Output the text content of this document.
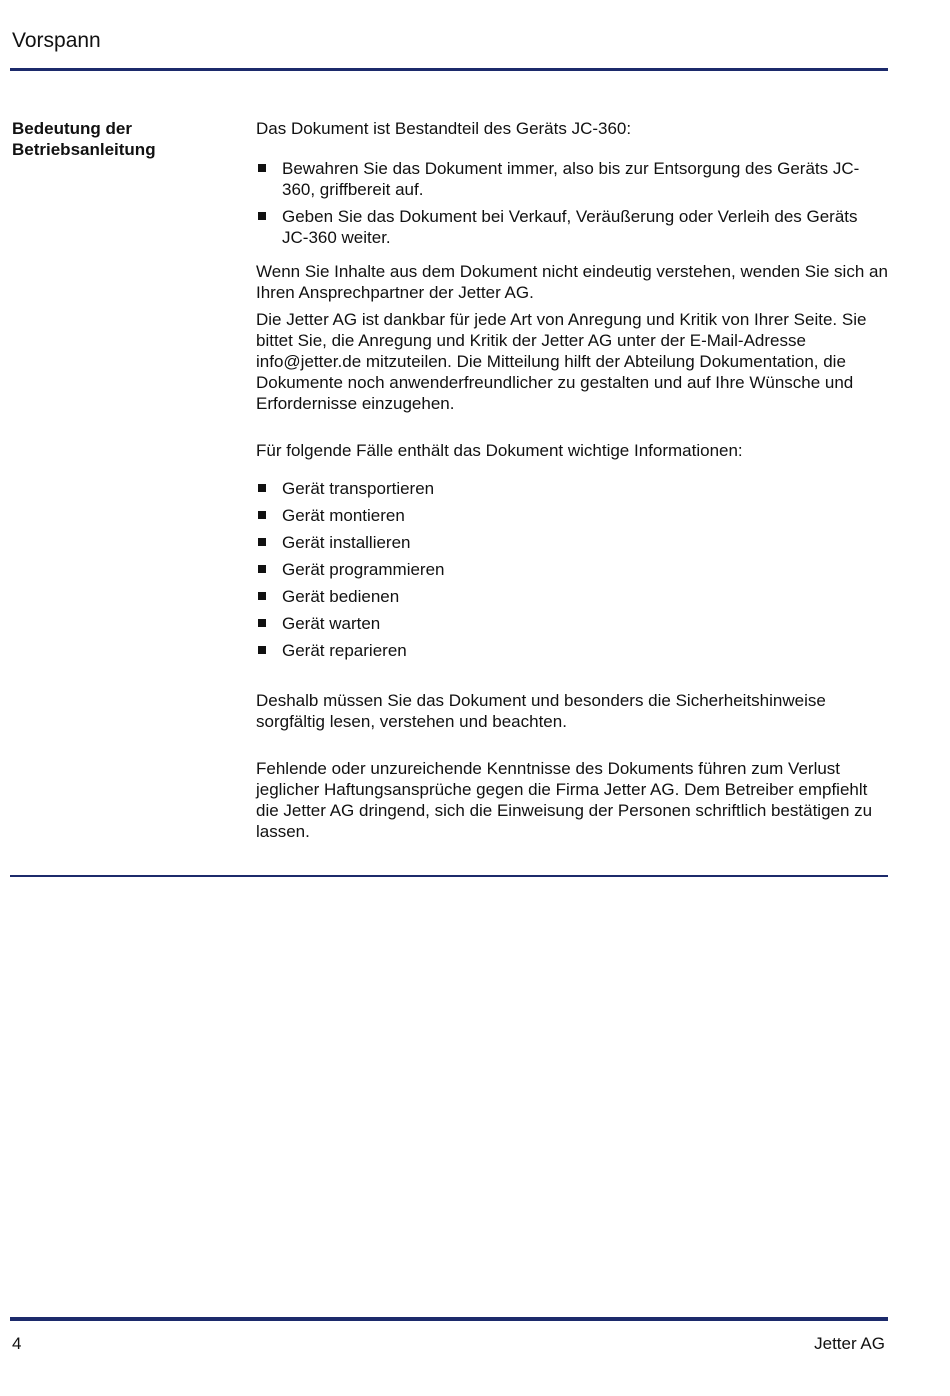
Vorspann
Bedeutung der Betriebsanleitung

Das Dokument ist Bestandteil des Geräts JC-360:

Bewahren Sie das Dokument immer, also bis zur Entsorgung des Geräts JC-360, griffbereit auf.
Geben Sie das Dokument bei Verkauf, Veräußerung oder Verleih des Geräts JC-360 weiter.

Wenn Sie Inhalte aus dem Dokument nicht eindeutig verstehen, wenden Sie sich an Ihren Ansprechpartner der Jetter AG.

Die Jetter AG ist dankbar für jede Art von Anregung und Kritik von Ihrer Seite. Sie bittet Sie, die Anregung und Kritik der Jetter AG unter der E-Mail-Adresse info@jetter.de mitzuteilen. Die Mitteilung hilft der Abteilung Dokumentation, die Dokumente noch anwenderfreundlicher zu gestalten und auf Ihre Wünsche und Erfordernisse einzugehen.

Für folgende Fälle enthält das Dokument wichtige Informationen:

Gerät transportieren
Gerät montieren
Gerät installieren
Gerät programmieren
Gerät bedienen
Gerät warten
Gerät reparieren

Deshalb müssen Sie das Dokument und besonders die Sicherheitshinweise sorgfältig lesen, verstehen und beachten.

Fehlende oder unzureichende Kenntnisse des Dokuments führen zum Verlust jeglicher Haftungsansprüche gegen die Firma Jetter AG. Dem Betreiber empfiehlt die Jetter AG dringend, sich die Einweisung der Personen schriftlich bestätigen zu lassen.

4	Jetter AG
